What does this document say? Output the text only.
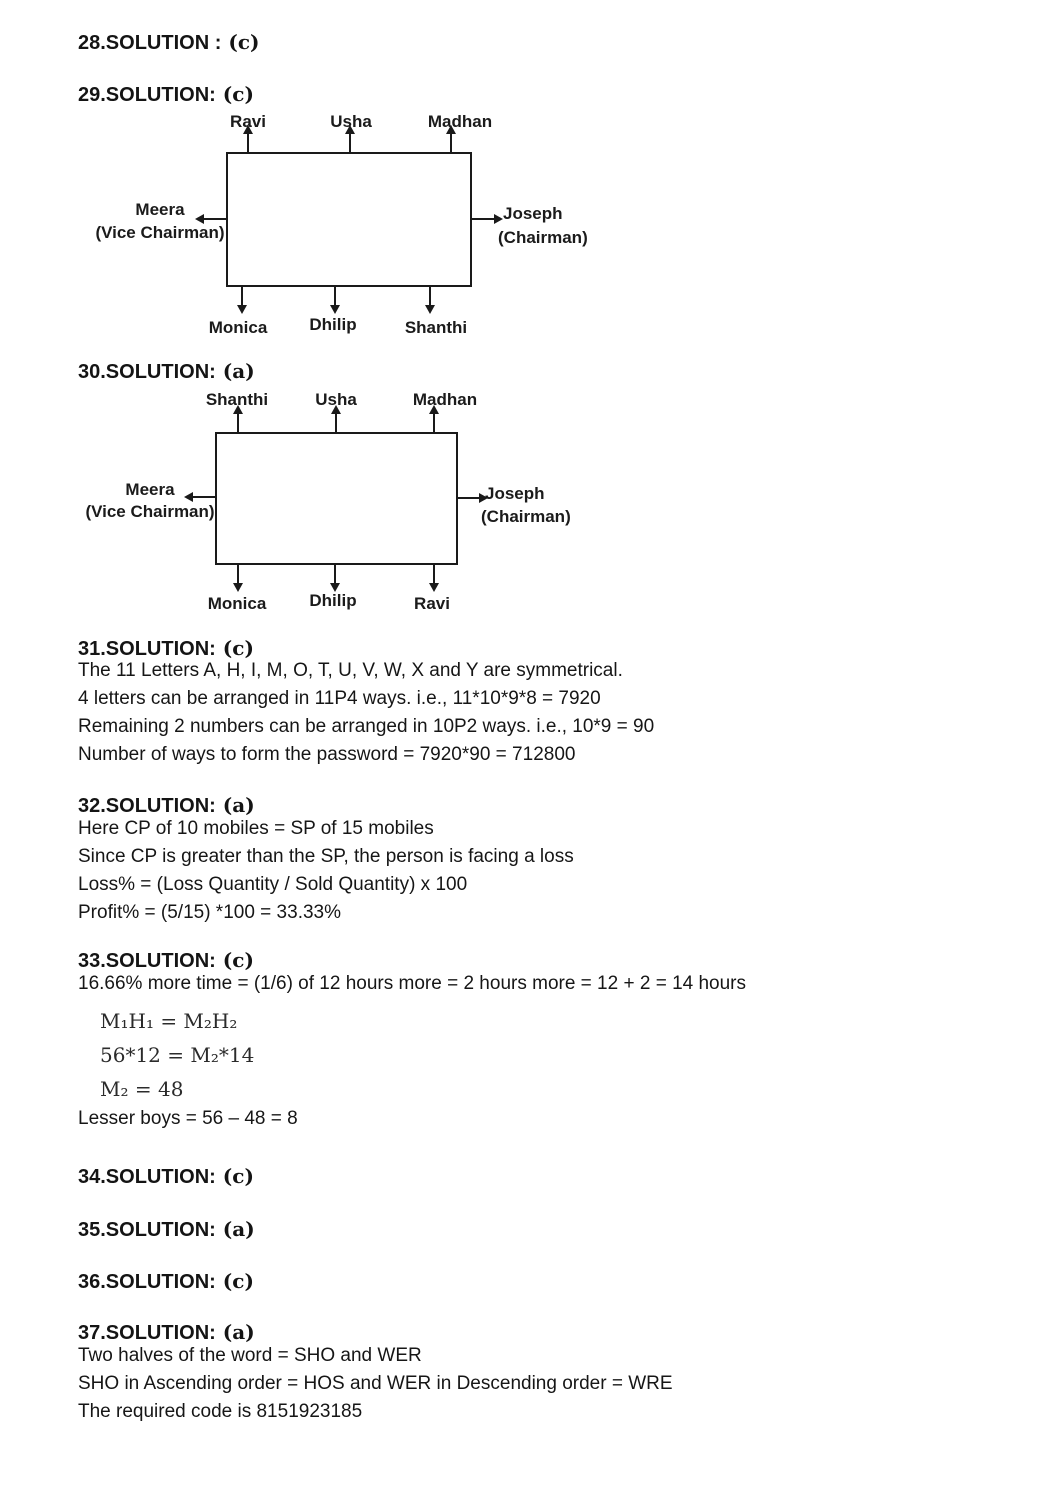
28.SOLUTION : (c)
29.SOLUTION: (c)
Ravi	Usha	Madhan
Monica Dhilip	Shanthi
Meera
(Vice Chairman)
Joseph
(Chairman)
30.SOLUTION: (a)
Shanthi	Usha	Madhan
Monica	Dhilip	Ravi
Meera
(Vice Chairman)
Joseph
(Chairman)
31.SOLUTION: (c)
The 11 Letters A, H, I, M, O, T, U, V, W, X and Y are symmetrical.
4 letters can be arranged in 11P4 ways. i.e., 11*10*9*8 = 7920
Remaining 2 numbers can be arranged in 10P2 ways. i.e., 10*9 = 90
Number of ways to form the password = 7920*90 = 712800
32.SOLUTION: (a)
Here CP of 10 mobiles = SP of 15 mobiles
Since CP is greater than the SP, the person is facing a loss
Loss% = (Loss Quantity / Sold Quantity) x 100
Profit% = (5/15) *100 = 33.33%
33.SOLUTION: (c)
16.66% more time = (1/6) of 12 hours more = 2 hours more = 12 + 2 = 14 hours
M₁H₁ = M₂H₂
56*12 = M₂*14
M₂ = 48
Lesser boys = 56 – 48 = 8
34.SOLUTION: (c)
35.SOLUTION: (a)
36.SOLUTION: (c)
37.SOLUTION: (a)
Two halves of the word = SHO and WER
SHO in Ascending order = HOS and WER in Descending order = WRE
The required code is 8151923185
